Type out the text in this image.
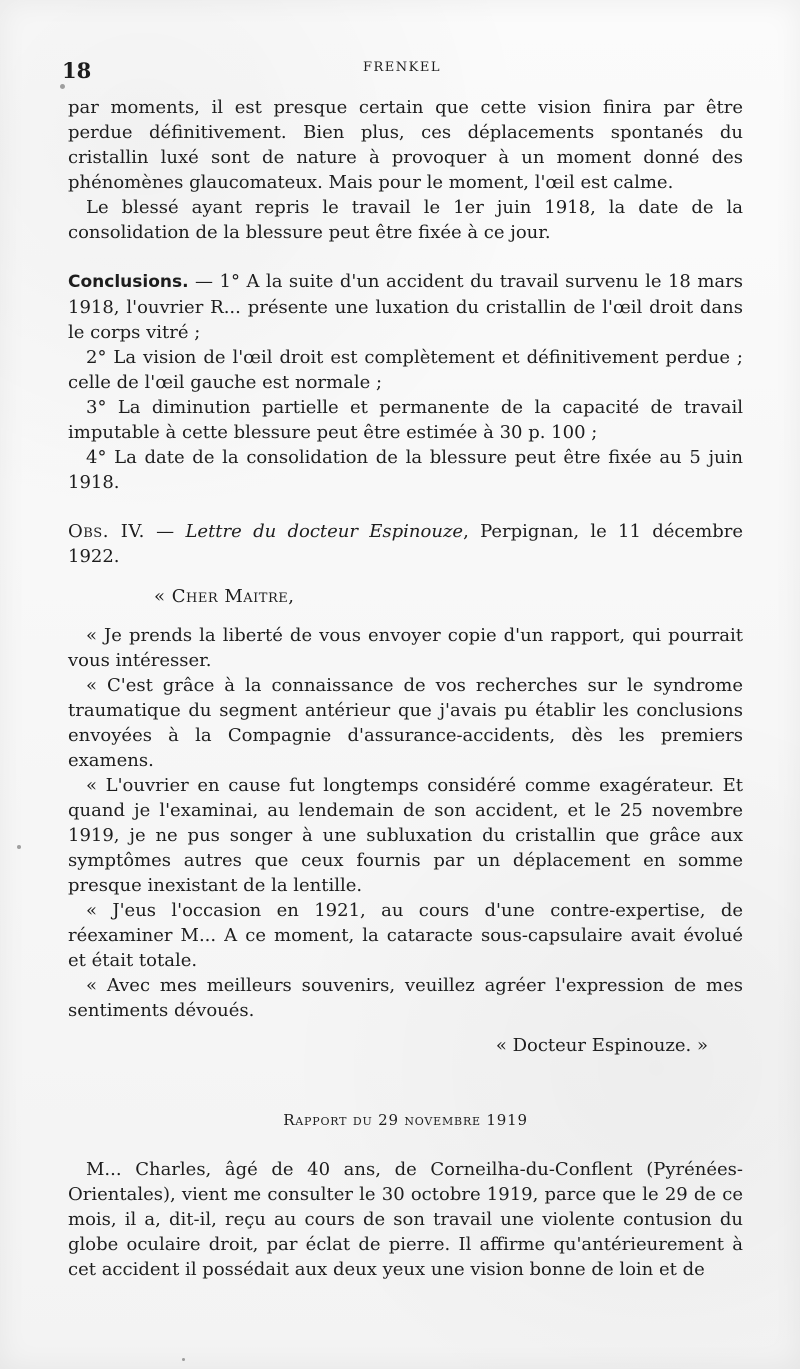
18	FRENKEL

par moments, il est presque certain que cette vision finira par être perdue définitivement. Bien plus, ces déplacements spontanés du cristallin luxé sont de nature à provoquer à un moment donné des phénomènes glaucomateux. Mais pour le moment, l'œil est calme.

Le blessé ayant repris le travail le 1er juin 1918, la date de la consolidation de la blessure peut être fixée à ce jour.

Conclusions. — 1° A la suite d'un accident du travail survenu le 18 mars 1918, l'ouvrier R... présente une luxation du cristallin de l'œil droit dans le corps vitré ;

2° La vision de l'œil droit est complètement et définitivement perdue ; celle de l'œil gauche est normale ;

3° La diminution partielle et permanente de la capacité de travail imputable à cette blessure peut être estimée à 30 p. 100 ;

4° La date de la consolidation de la blessure peut être fixée au 5 juin 1918.

Obs. IV. — Lettre du docteur Espinouze, Perpignan, le 11 décembre 1922.

« Cher Maitre,

« Je prends la liberté de vous envoyer copie d'un rapport, qui pourrait vous intéresser.

« C'est grâce à la connaissance de vos recherches sur le syndrome traumatique du segment antérieur que j'avais pu établir les conclusions envoyées à la Compagnie d'assurance-accidents, dès les premiers examens.

« L'ouvrier en cause fut longtemps considéré comme exagérateur. Et quand je l'examinai, au lendemain de son accident, et le 25 novembre 1919, je ne pus songer à une subluxation du cristallin que grâce aux symptômes autres que ceux fournis par un déplacement en somme presque inexistant de la lentille.

« J'eus l'occasion en 1921, au cours d'une contre-expertise, de réexaminer M... A ce moment, la cataracte sous-capsulaire avait évolué et était totale.

« Avec mes meilleurs souvenirs, veuillez agréer l'expression de mes sentiments dévoués.

« Docteur Espinouze. »

Rapport du 29 novembre 1919

M... Charles, âgé de 40 ans, de Corneilha-du-Conflent (Pyrénées-Orientales), vient me consulter le 30 octobre 1919, parce que le 29 de ce mois, il a, dit-il, reçu au cours de son travail une violente contusion du globe oculaire droit, par éclat de pierre. Il affirme qu'antérieurement à cet accident il possédait aux deux yeux une vision bonne de loin et de
